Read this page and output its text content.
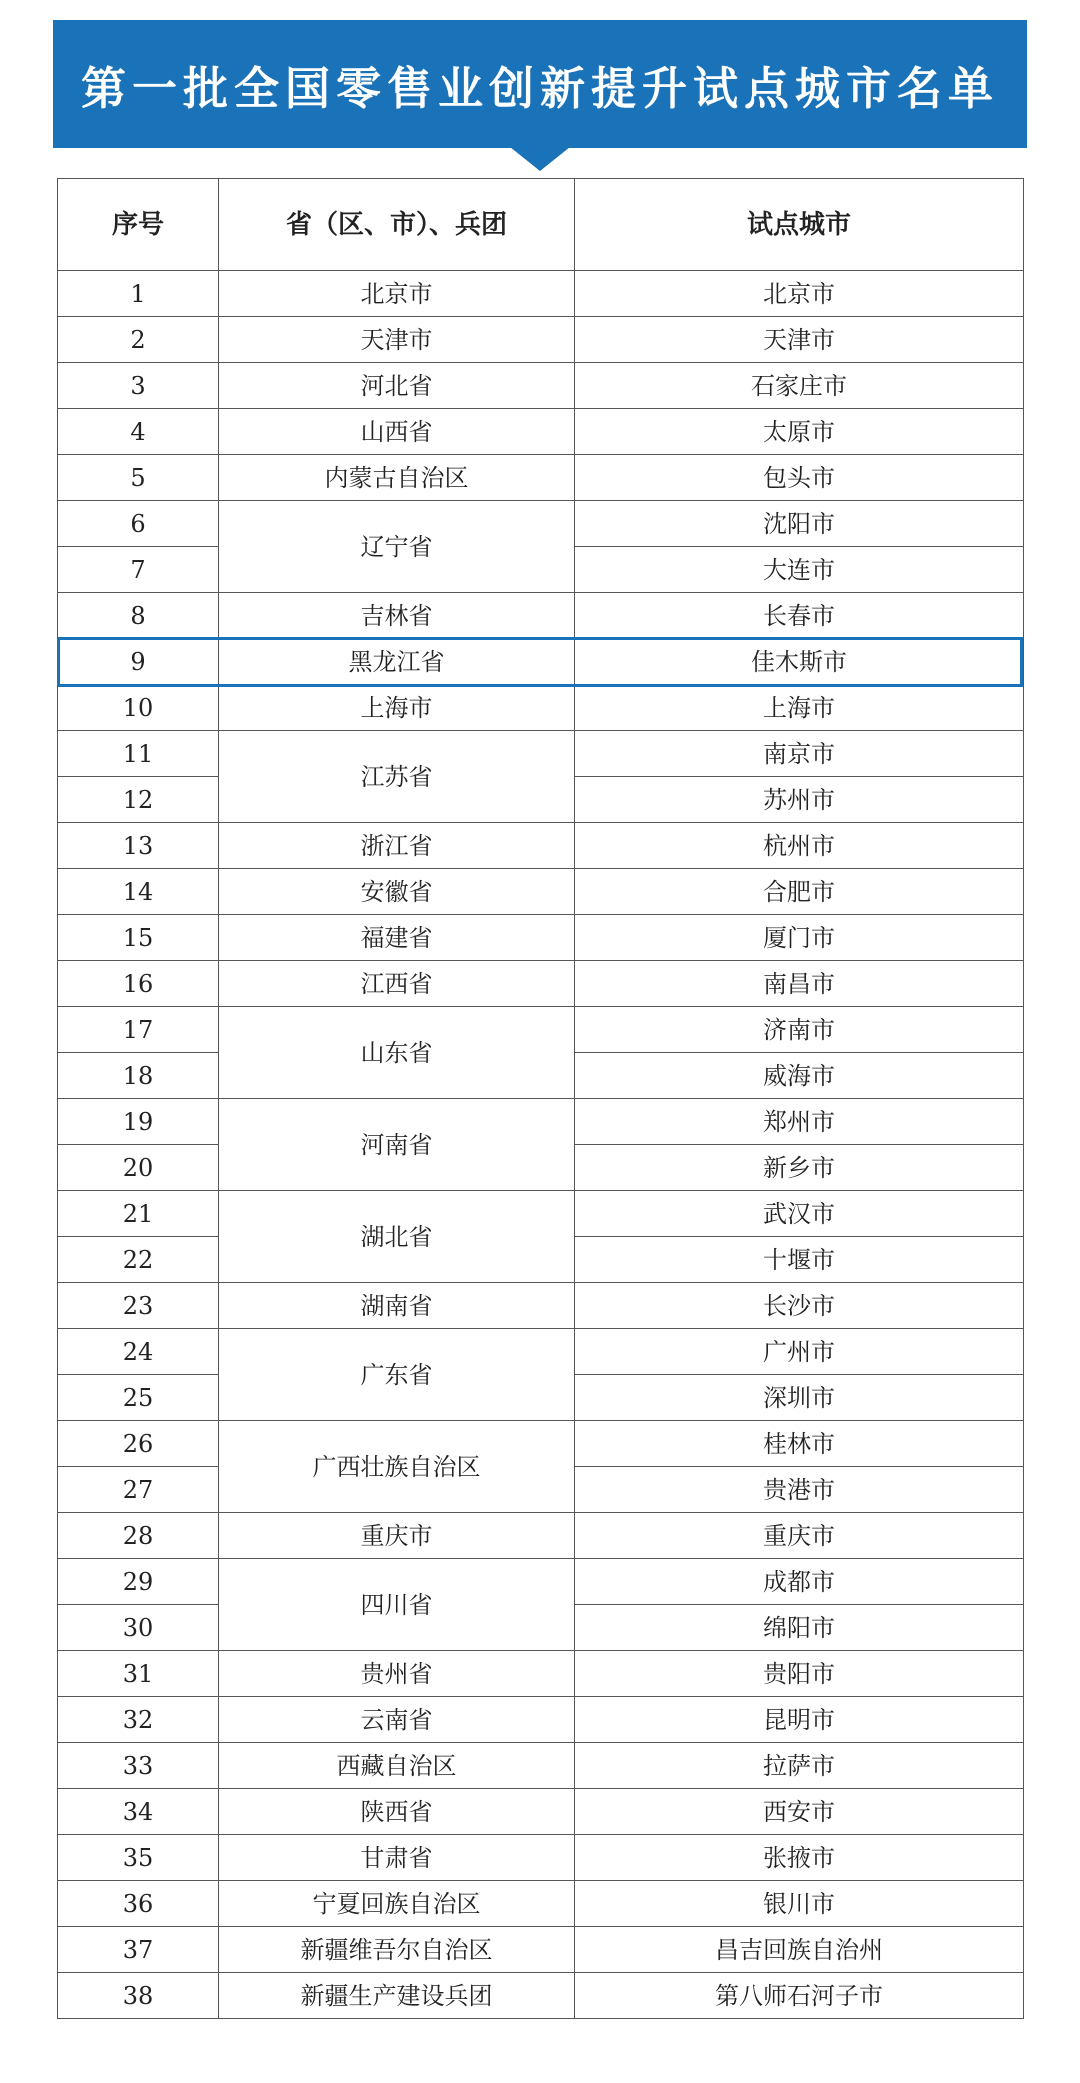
第一批全国零售业创新提升试点城市名单
序号	省（区、市）、兵团	试点城市
1	北京市	北京市
2	天津市	天津市
3	河北省	石家庄市
4	山西省	太原市
5	内蒙古自治区	包头市
6	辽宁省	沈阳市
7		大连市
8	吉林省	长春市
9	黑龙江省	佳木斯市
10	上海市	上海市
11	江苏省	南京市
12		苏州市
13	浙江省	杭州市
14	安徽省	合肥市
15	福建省	厦门市
16	江西省	南昌市
17	山东省	济南市
18		威海市
19	河南省	郑州市
20		新乡市
21	湖北省	武汉市
22		十堰市
23	湖南省	长沙市
24	广东省	广州市
25		深圳市
26	广西壮族自治区	桂林市
27		贵港市
28	重庆市	重庆市
29	四川省	成都市
30		绵阳市
31	贵州省	贵阳市
32	云南省	昆明市
33	西藏自治区	拉萨市
34	陕西省	西安市
35	甘肃省	张掖市
36	宁夏回族自治区	银川市
37	新疆维吾尔自治区	昌吉回族自治州
38	新疆生产建设兵团	第八师石河子市
